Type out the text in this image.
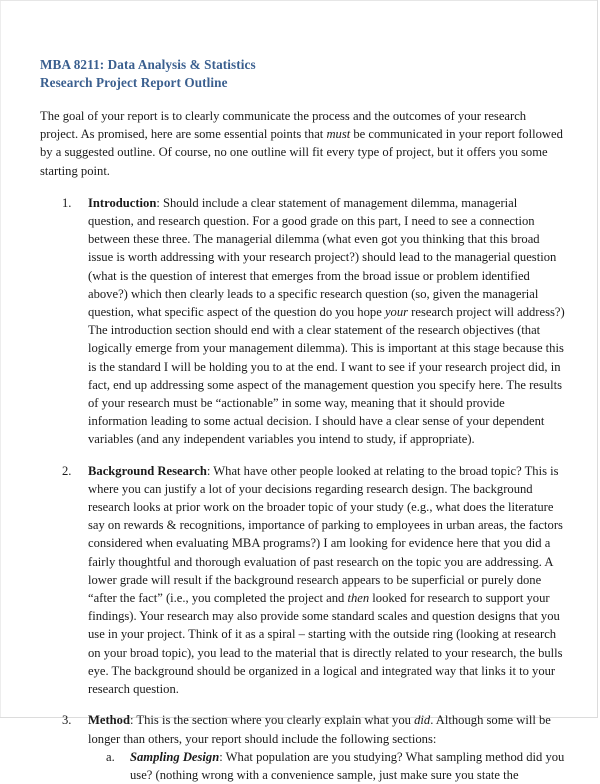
MBA 8211: Data Analysis & Statistics
Research Project Report Outline

The goal of your report is to clearly communicate the process and the outcomes of your research project. As promised, here are some essential points that must be communicated in your report followed by a suggested outline. Of course, no one outline will fit every type of project, but it offers you some starting point.

1.	Introduction: Should include a clear statement of management dilemma, managerial question, and research question. For a good grade on this part, I need to see a connection between these three. The managerial dilemma (what even got you thinking that this broad issue is worth addressing with your research project?) should lead to the managerial question (what is the question of interest that emerges from the broad issue or problem identified above?) which then clearly leads to a specific research question (so, given the managerial question, what specific aspect of the question do you hope your research project will address?) The introduction section should end with a clear statement of the research objectives (that logically emerge from your management dilemma). This is important at this stage because this is the standard I will be holding you to at the end. I want to see if your research project did, in fact, end up addressing some aspect of the management question you specify here. The results of your research must be “actionable” in some way, meaning that it should provide information leading to some actual decision. I should have a clear sense of your dependent variables (and any independent variables you intend to study, if appropriate).
2.	Background Research: What have other people looked at relating to the broad topic? This is where you can justify a lot of your decisions regarding research design. The background research looks at prior work on the broader topic of your study (e.g., what does the literature say on rewards & recognitions, importance of parking to employees in urban areas, the factors considered when evaluating MBA programs?) I am looking for evidence here that you did a fairly thoughtful and thorough evaluation of past research on the topic you are addressing. A lower grade will result if the background research appears to be superficial or purely done “after the fact” (i.e., you completed the project and then looked for research to support your findings). Your research may also provide some standard scales and question designs that you use in your project. Think of it as a spiral – starting with the outside ring (looking at research on your broad topic), you lead to the material that is directly related to your research, the bulls eye. The background should be organized in a logical and integrated way that links it to your research question.
3.	Method: This is the section where you clearly explain what you did. Although some will be longer than others, your report should include the following sections:
a.	Sampling Design: What population are you studying? What sampling method did you use? (nothing wrong with a convenience sample, just make sure you state the
